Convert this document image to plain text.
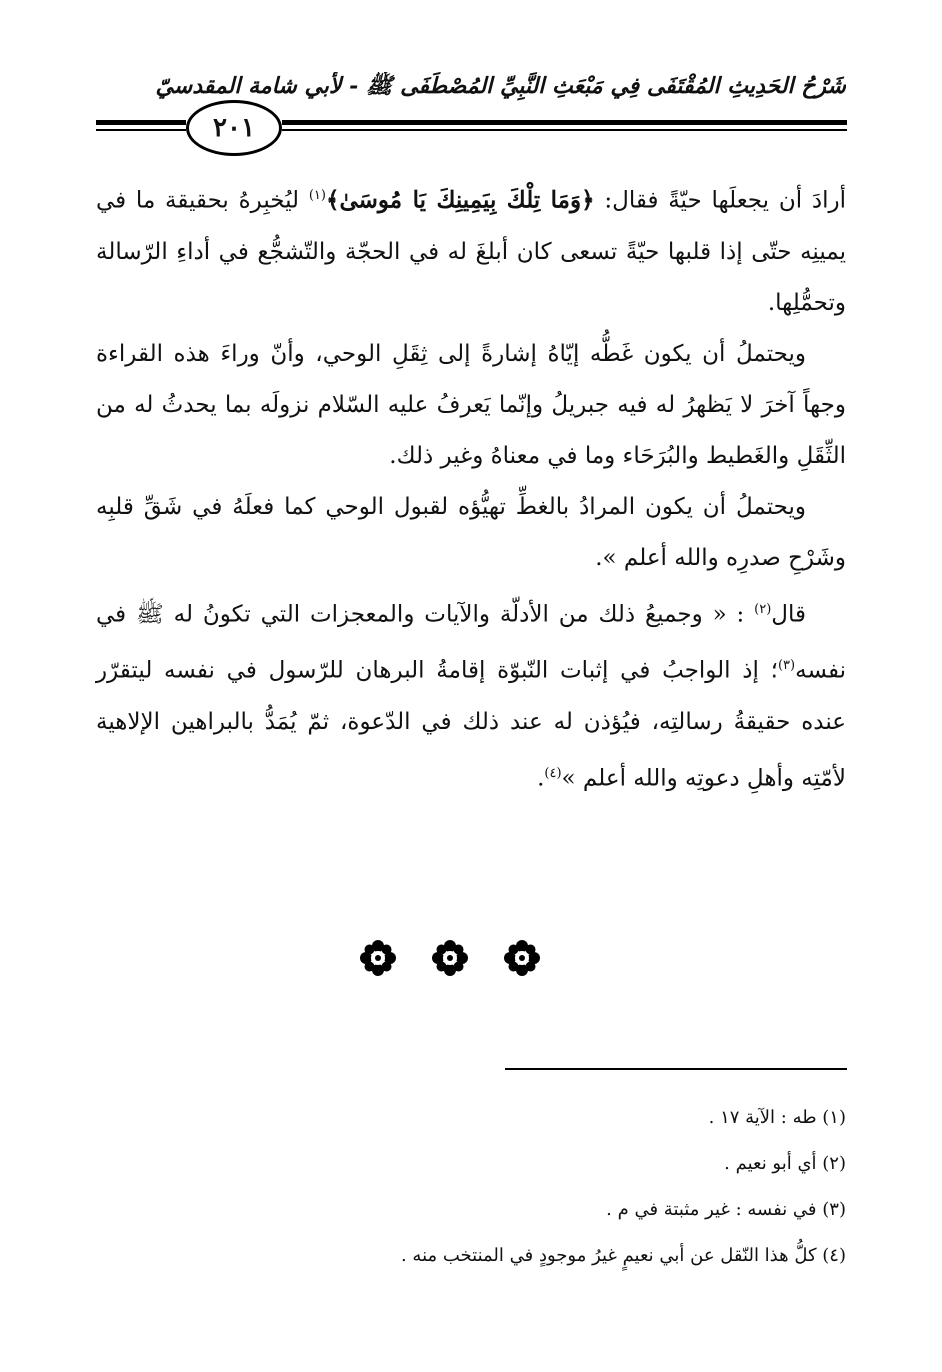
شَرْحُ الحَدِيثِ المُقْتَفَى فِي مَبْعَثِ النَّبِيِّ المُصْطَفَى ﷺ - لأبي شامة المقدسيّ
٢٠١

أرادَ أن يجعلَها حيّةً فقال: ﴿وَمَا تِلْكَ بِيَمِينِكَ يَا مُوسَىٰ﴾$^{(١)}$ ليُخبِرهُ بحقيقة ما في يمينِه حتّى إذا قلبها حيّةً تسعى كان أبلغَ له في الحجّة والتّشجُّع في أداءِ الرّسالة وتحمُّلِها.

ويحتملُ أن يكون غَطُّه إيّاهُ إشارةً إلى ثِقَلِ الوحي، وأنّ وراءَ هذه القراءة وجهاً آخرَ لا يَظهرُ له فيه جبريلُ وإنّما يَعرفُ عليه السّلام نزولَه بما يحدثُ له من الثِّقَلِ والغَطيط والبُرَحَاء وما في معناهُ وغير ذلك.

ويحتملُ أن يكون المرادُ بالغطِّ تهيُّؤه لقبول الوحي كما فعلَهُ في شَقِّ قلبِه وشَرْحِ صدرِه والله أعلم ».

قال$^{(٢)}$ : « وجميعُ ذلك من الأدلّة والآيات والمعجزات التي تكونُ له ﷺ في نفسه$^{(٣)}$؛ إذ الواجبُ في إثبات النّبوّة إقامةُ البرهان للرّسول في نفسه ليتقرّر عنده حقيقةُ رسالتِه، فيُؤذن له عند ذلك في الدّعوة، ثمّ يُمَدُّ بالبراهين الإلاهية لأمّتِه وأهلِ دعوتِه والله أعلم »$^{(٤)}$.

(١) طه : الآية ١٧ .
(٢) أي أبو نعيم .
(٣) في نفسه : غير مثبتة في م .
(٤) كلُّ هذا النّقل عن أبي نعيمٍ غيرُ موجودٍ في المنتخب منه .
